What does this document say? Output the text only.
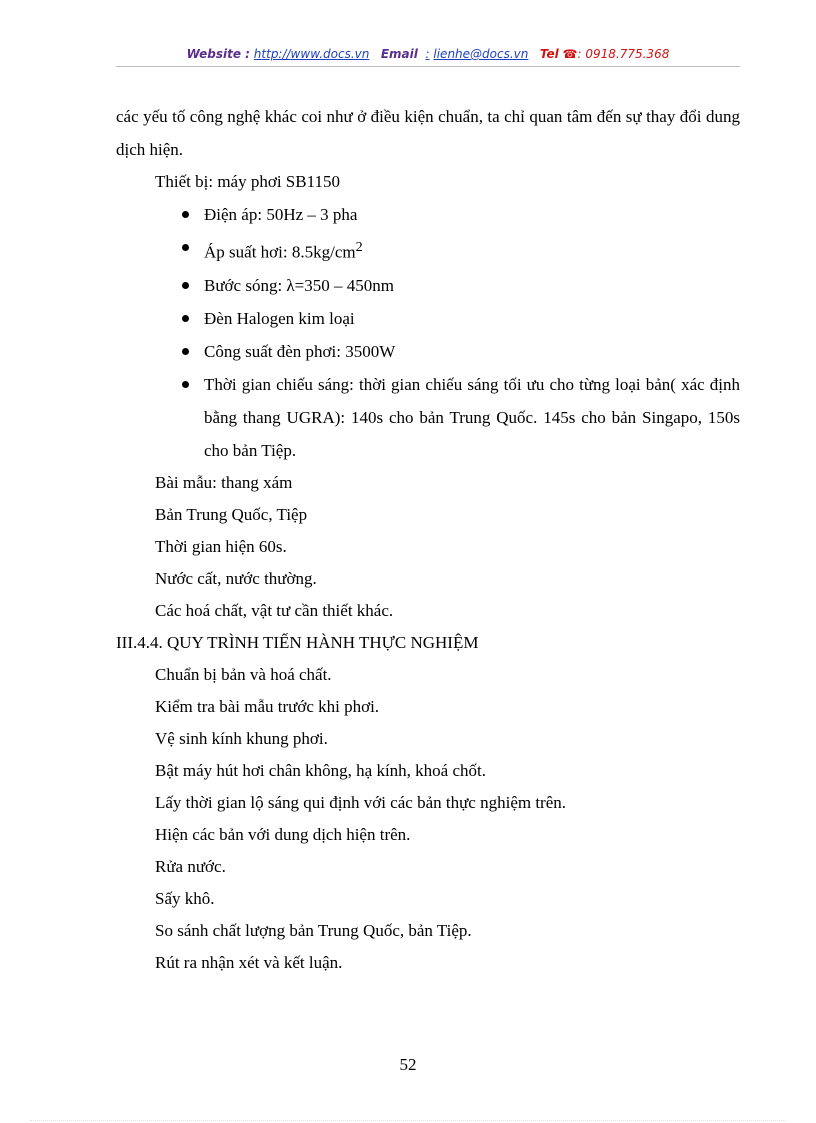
Website : http://www.docs.vn Email : lienhe@docs.vn Tel ☎: 0918.775.368

các yếu tố công nghệ khác coi như ở điều kiện chuẩn, ta chỉ quan tâm đến sự thay đổi dung dịch hiện.

Thiết bị: máy phơi SB1150
Điện áp: 50Hz – 3 pha
Áp suất hơi: $8.5kg/cm^2$
Bước sóng: λ=350 – 450nm
Đèn Halogen kim loại
Công suất đèn phơi: 3500W
Thời gian chiếu sáng: thời gian chiếu sáng tối ưu cho từng loại bản( xác định bằng thang UGRA): 140s cho bản Trung Quốc. 145s cho bản Singapo, 150s cho bản Tiệp.
Bài mẫu: thang xám
Bản Trung Quốc, Tiệp
Thời gian hiện 60s.
Nước cất, nước thường.
Các hoá chất, vật tư cần thiết khác.
III.4.4. QUY TRÌNH TIẾN HÀNH THỰC NGHIỆM
Chuẩn bị bản và hoá chất.
Kiểm tra bài mẫu trước khi phơi.
Vệ sinh kính khung phơi.
Bật máy hút hơi chân không, hạ kính, khoá chốt.
Lấy thời gian lộ sáng qui định với các bản thực nghiệm trên.
Hiện các bản với dung dịch hiện trên.
Rửa nước.
Sấy khô.
So sánh chất lượng bản Trung Quốc, bản Tiệp.
Rút ra nhận xét và kết luận.
52
